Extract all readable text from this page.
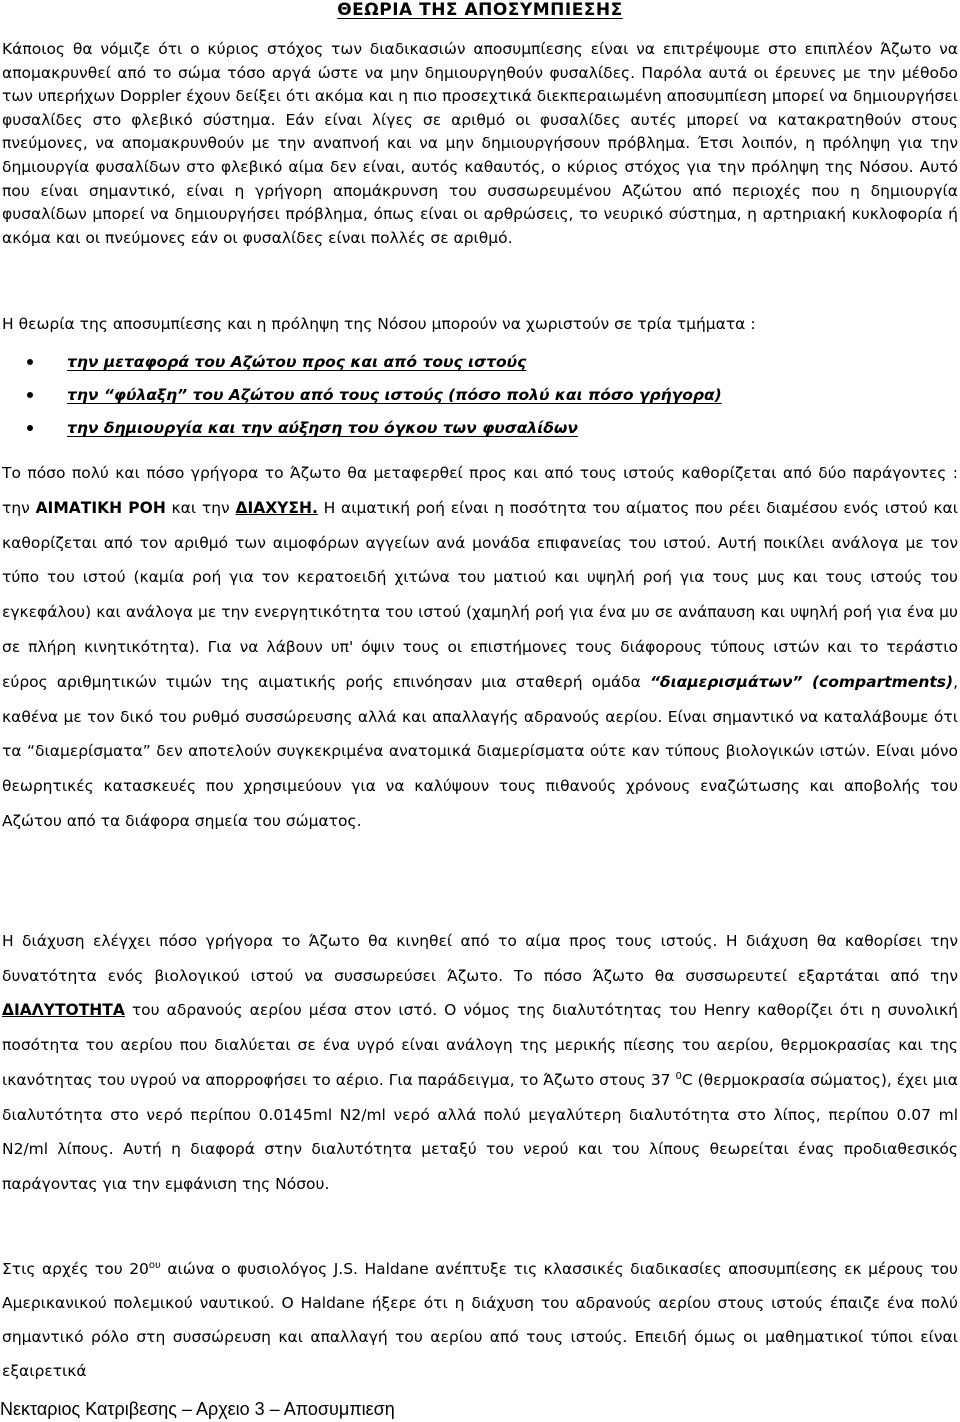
ΘΕΩΡΙΑ ΤΗΣ ΑΠΟΣΥΜΠΙΕΣΗΣ

Κάποιος θα νόμιζε ότι ο κύριος στόχος των διαδικασιών αποσυμπίεσης είναι να επιτρέψουμε στο επιπλέον Άζωτο να απομακρυνθεί από το σώμα τόσο αργά ώστε να μην δημιουργηθούν φυσαλίδες. Παρόλα αυτά οι έρευνες με την μέθοδο των υπερήχων Doppler έχουν δείξει ότι ακόμα και η πιο προσεχτικά διεκπεραιωμένη αποσυμπίεση μπορεί να δημιουργήσει φυσαλίδες στο φλεβικό σύστημα. Εάν είναι λίγες σε αριθμό οι φυσαλίδες αυτές μπορεί να κατακρατηθούν στους πνεύμονες, να απομακρυνθούν με την αναπνοή και να μην δημιουργήσουν πρόβλημα. Έτσι λοιπόν, η πρόληψη για την δημιουργία φυσαλίδων στο φλεβικό αίμα δεν είναι, αυτός καθαυτός, ο κύριος στόχος για την πρόληψη της Νόσου. Αυτό που είναι σημαντικό, είναι η γρήγορη απομάκρυνση του συσσωρευμένου Αζώτου από περιοχές που η δημιουργία φυσαλίδων μπορεί να δημιουργήσει πρόβλημα, όπως είναι οι αρθρώσεις, το νευρικό σύστημα, η αρτηριακή κυκλοφορία ή ακόμα και οι πνεύμονες εάν οι φυσαλίδες είναι πολλές σε αριθμό.

Η θεωρία της αποσυμπίεσης και η πρόληψη της Νόσου μπορούν να χωριστούν σε τρία τμήματα :

την μεταφορά του Αζώτου προς και από τους ιστούς
την “φύλαξη” του Αζώτου από τους ιστούς (πόσο πολύ και πόσο γρήγορα)
την δημιουργία και την αύξηση του όγκου των φυσαλίδων

Το πόσο πολύ και πόσο γρήγορα το Άζωτο θα μεταφερθεί προς και από τους ιστούς καθορίζεται από δύο παράγοντες : την ΑΙΜΑΤΙΚΗ ΡΟΗ και την ΔΙΑΧΥΣΗ. Η αιματική ροή είναι η ποσότητα του αίματος που ρέει διαμέσου ενός ιστού και καθορίζεται από τον αριθμό των αιμοφόρων αγγείων ανά μονάδα επιφανείας του ιστού. Αυτή ποικίλει ανάλογα με τον τύπο του ιστού (καμία ροή για τον κερατοειδή χιτώνα του ματιού και υψηλή ροή για τους μυς και τους ιστούς του εγκεφάλου) και ανάλογα με την ενεργητικότητα του ιστού (χαμηλή ροή για ένα μυ σε ανάπαυση και υψηλή ροή για ένα μυ σε πλήρη κινητικότητα). Για να λάβουν υπ' όψιν τους οι επιστήμονες τους διάφορους τύπους ιστών και το τεράστιο εύρος αριθμητικών τιμών της αιματικής ροής επινόησαν μια σταθερή ομάδα “διαμερισμάτων” (compartments), καθένα με τον δικό του ρυθμό συσσώρευσης αλλά και απαλλαγής αδρανούς αερίου. Είναι σημαντικό να καταλάβουμε ότι τα “διαμερίσματα” δεν αποτελούν συγκεκριμένα ανατομικά διαμερίσματα ούτε καν τύπους βιολογικών ιστών. Είναι μόνο θεωρητικές κατασκευές που χρησιμεύουν για να καλύψουν τους πιθανούς χρόνους εναζώτωσης και αποβολής του Αζώτου από τα διάφορα σημεία του σώματος.

Η διάχυση ελέγχει πόσο γρήγορα το Άζωτο θα κινηθεί από το αίμα προς τους ιστούς. Η διάχυση θα καθορίσει την δυνατότητα ενός βιολογικού ιστού να συσσωρεύσει Άζωτο. Το πόσο Άζωτο θα συσσωρευτεί εξαρτάται από την ΔΙΑΛΥΤΟΤΗΤΑ του αδρανούς αερίου μέσα στον ιστό. Ο νόμος της διαλυτότητας του Henry καθορίζει ότι η συνολική ποσότητα του αερίου που διαλύεται σε ένα υγρό είναι ανάλογη της μερικής πίεσης του αερίου, θερμοκρασίας και της ικανότητας του υγρού να απορροφήσει το αέριο. Για παράδειγμα, το Άζωτο στους 37 $^0$C (θερμοκρασία σώματος), έχει μια διαλυτότητα στο νερό περίπου 0.0145ml N2/ml νερό αλλά πολύ μεγαλύτερη διαλυτότητα στο λίπος, περίπου 0.07 ml N2/ml λίπους. Αυτή η διαφορά στην διαλυτότητα μεταξύ του νερού και του λίπους θεωρείται ένας προδιαθεσικός παράγοντας για την εμφάνιση της Νόσου.

Στις αρχές του $20^{o\upsilon}$ αιώνα ο φυσιολόγος J.S. Haldane ανέπτυξε τις κλασσικές διαδικασίες αποσυμπίεσης εκ μέρους του Αμερικανικού πολεμικού ναυτικού. Ο Haldane ήξερε ότι η διάχυση του αδρανούς αερίου στους ιστούς έπαιζε ένα πολύ σημαντικό ρόλο στη συσσώρευση και απαλλαγή του αερίου από τους ιστούς. Επειδή όμως οι μαθηματικοί τύποι είναι εξαιρετικά

Νεκταριος Κατριβεσης – Αρχειο 3 – Αποσυμπιεση
